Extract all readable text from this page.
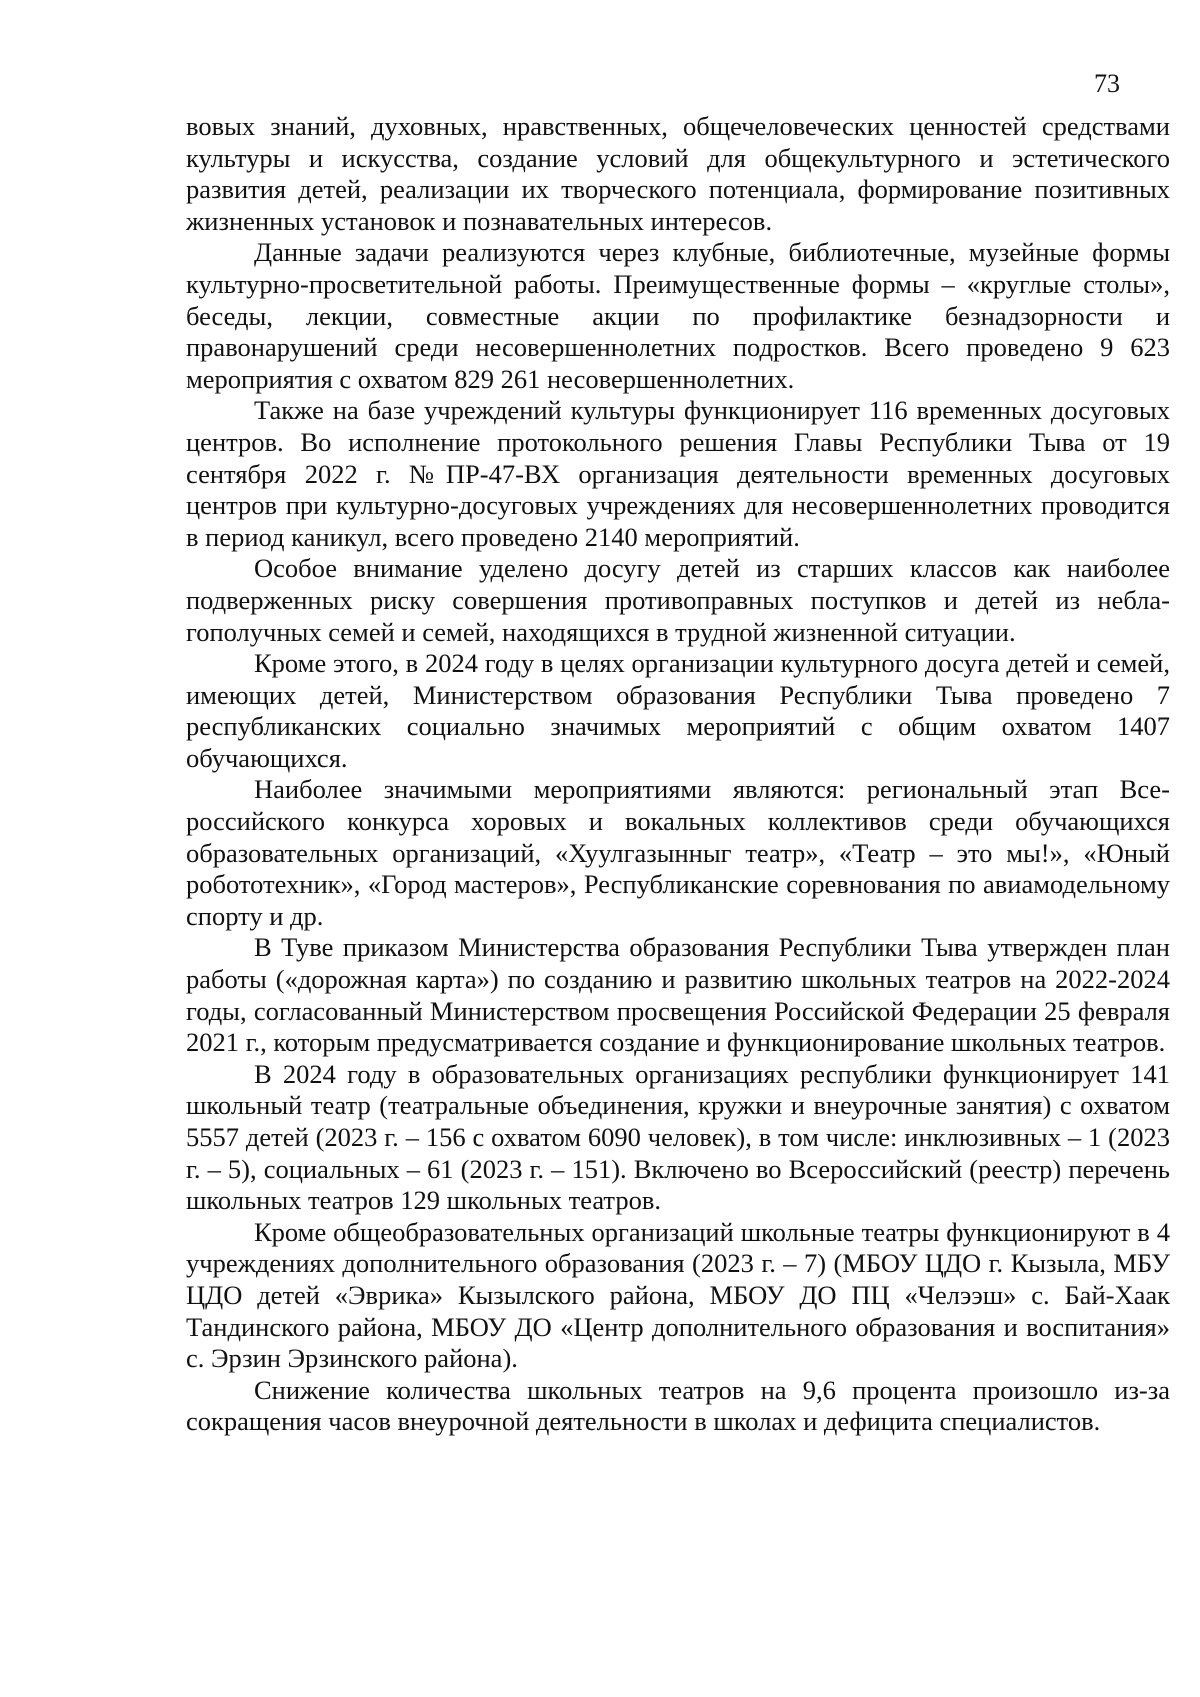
73

вовых знаний, духовных, нравственных, общечеловеческих ценностей средствами культуры и искусства, создание условий для общекультурного и эстетического развития детей, реализации их творческого потенциала, формирование позитивных жизненных установок и познавательных интересов.

Данные задачи реализуются через клубные, библиотечные, музейные формы культурно-просветительной работы. Преимущественные формы – «круглые столы», беседы, лекции, совместные акции по профилактике безнадзорности и правонарушений среди несовершеннолетних подростков. Всего проведено 9 623 мероприятия с охватом 829 261 несовершеннолетних.

Также на базе учреждений культуры функционирует 116 временных досуговых центров. Во исполнение протокольного решения Главы Республики Тыва от 19 сентября 2022 г. №ПР-47-ВХ организация деятельности временных досуговых центров при культурно-досуговых учреждениях для несовершеннолетних проводится в период каникул, всего проведено 2140 мероприятий.

Особое внимание уделено досугу детей из старших классов как наиболее подверженных риску совершения противоправных поступков и детей из неблагополучных семей и семей, находящихся в трудной жизненной ситуации.

Кроме этого, в 2024 году в целях организации культурного досуга детей и семей, имеющих детей, Министерством образования Республики Тыва проведено 7 республиканских социально значимых мероприятий с общим охватом 1407 обучающихся.

Наиболее значимыми мероприятиями являются: региональный этап Всероссийского конкурса хоровых и вокальных коллективов среди обучающихся образовательных организаций, «Хуулгазынныг театр», «Театр – это мы!», «Юный робототехник», «Город мастеров», Республиканские соревнования по авиамодельному спорту и др.

В Туве приказом Министерства образования Республики Тыва утвержден план работы («дорожная карта») по созданию и развитию школьных театров на 2022-2024 годы, согласованный Министерством просвещения Российской Федерации 25 февраля 2021 г., которым предусматривается создание и функционирование школьных театров.

В 2024 году в образовательных организациях республики функционирует 141 школьный театр (театральные объединения, кружки и внеурочные занятия) с охватом 5557 детей (2023 г. – 156 с охватом 6090 человек), в том числе: инклюзивных – 1 (2023 г. – 5), социальных – 61 (2023 г. – 151). Включено во Всероссийский (реестр) перечень школьных театров 129 школьных театров.

Кроме общеобразовательных организаций школьные театры функционируют в 4 учреждениях дополнительного образования (2023 г. – 7) (МБОУ ЦДО г. Кызыла, МБУ ЦДО детей «Эврика» Кызылского района, МБОУ ДО ПЦ «Челээш» с. Бай-Хаак Тандинского района, МБОУ ДО «Центр дополнительного образования и воспитания» с. Эрзин Эрзинского района).

Снижение количества школьных театров на 9,6 процента произошло из-за сокращения часов внеурочной деятельности в школах и дефицита специалистов.
